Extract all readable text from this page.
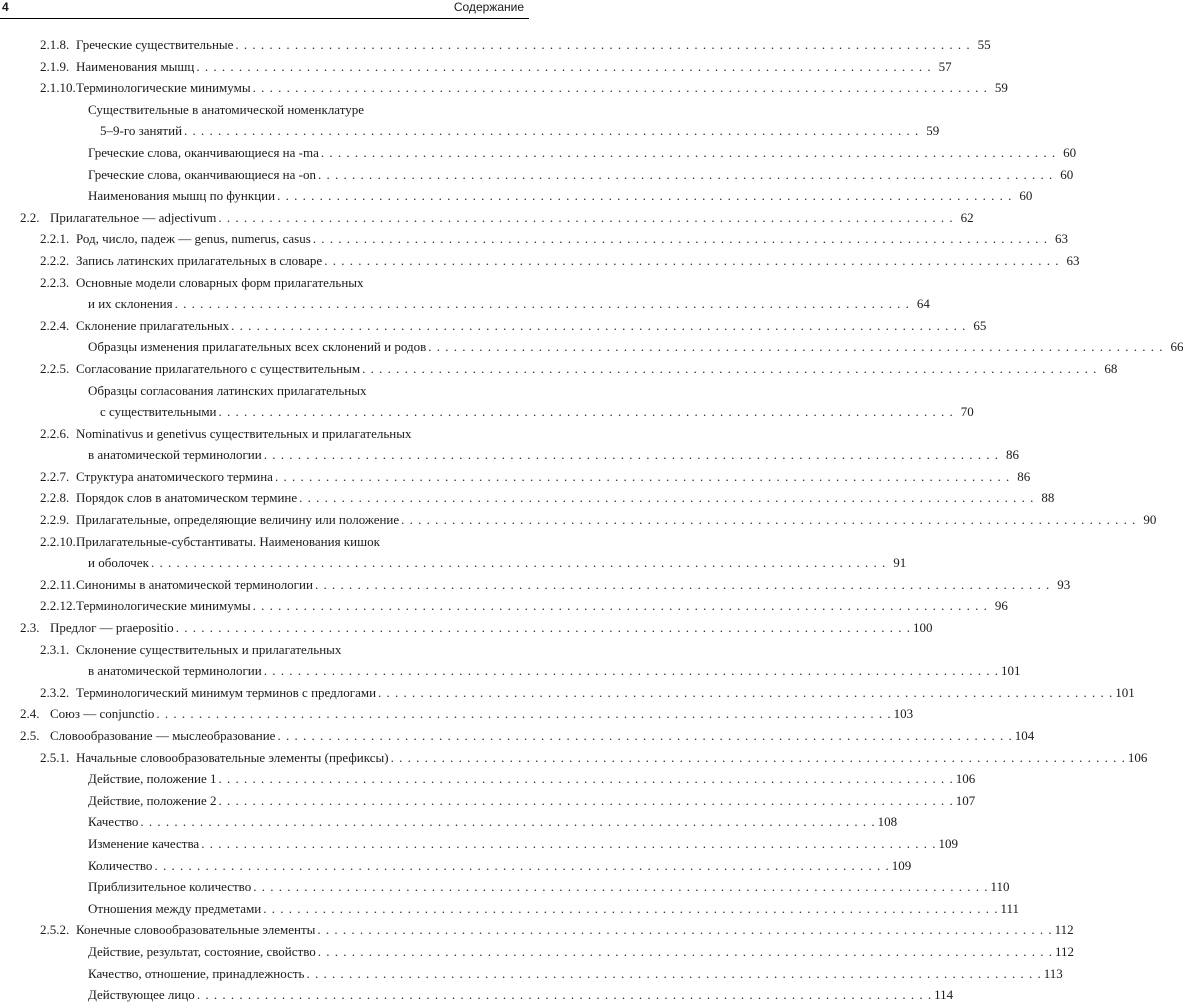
4	Содержание
2.1.8. Греческие существительные . . . . . . . . . . . . . . . . . . . . . . . . . . . . . . . . . . . . . . . . . . . . . . . . . . . . . . . . . . . . . . . . . . . . . . . . . . . . . . . . . . . . . . . 55
2.1.9. Наименования мышц . . . . . . . . . . . . . . . . . . . . . . . . . . . . . . . . . . . . . . . . . . . . . . . . . . . . . . . . . . . . . . . . . . . . . . . . . . . . . . . . . . . . . . . 57
2.1.10. Терминологические минимумы . . . . . . . . . . . . . . . . . . . . . . . . . . . . . . . . . . . . . . . . . . . . . . . . . . . . . . . . . . . . . . . . . . . . . . . . . . . . . . . . . . . . . . . 59
Существительные в анатомической номенклатуре
5–9-го занятий . . . . . . . . . . . . . . . . . . . . . . . . . . . . . . . . . . . . . . . . . . . . . . . . . . . . . . . . . . . . . . . . . . . . . . . . . . . . . . . . . . . . . . . 59
Греческие слова, оканчивающиеся на -ma . . . . . . . . . . . . . . . . . . . . . . . . . . . . . . . . . . . . . . . . . . . . . . . . . . . . . . . . . . . . . . . . . . . . . . . . . . . . . . . . . . . . . . . 60
Греческие слова, оканчивающиеся на -on . . . . . . . . . . . . . . . . . . . . . . . . . . . . . . . . . . . . . . . . . . . . . . . . . . . . . . . . . . . . . . . . . . . . . . . . . . . . . . . . . . . . . . . 60
Наименования мышц по функции . . . . . . . . . . . . . . . . . . . . . . . . . . . . . . . . . . . . . . . . . . . . . . . . . . . . . . . . . . . . . . . . . . . . . . . . . . . . . . . . . . . . . . . 60
2.2. Прилагательное — adjectivum . . . . . . . . . . . . . . . . . . . . . . . . . . . . . . . . . . . . . . . . . . . . . . . . . . . . . . . . . . . . . . . . . . . . . . . . . . . . . . . . . . . . . . . 62
2.2.1. Род, число, падеж — genus, numerus, casus . . . . . . . . . . . . . . . . . . . . . . . . . . . . . . . . . . . . . . . . . . . . . . . . . . . . . . . . . . . . . . . . . . . . . . . . . . . . . . . . . . . . . . . 63
2.2.2. Запись латинских прилагательных в словаре . . . . . . . . . . . . . . . . . . . . . . . . . . . . . . . . . . . . . . . . . . . . . . . . . . . . . . . . . . . . . . . . . . . . . . . . . . . . . . . . . . . . . . . 63
2.2.3. Основные модели словарных форм прилагательных
и их склонения . . . . . . . . . . . . . . . . . . . . . . . . . . . . . . . . . . . . . . . . . . . . . . . . . . . . . . . . . . . . . . . . . . . . . . . . . . . . . . . . . . . . . . . 64
2.2.4. Склонение прилагательных . . . . . . . . . . . . . . . . . . . . . . . . . . . . . . . . . . . . . . . . . . . . . . . . . . . . . . . . . . . . . . . . . . . . . . . . . . . . . . . . . . . . . . . 65
Образцы изменения прилагательных всех склонений и родов . . . . . . . . . . . . . . . . . . . . . . . . . . . . . . . . . . . . . . . . . . . . . . . . . . . . . . . . . . . . . . . . . . . . . . . . . . . . . . . . . . . . . . . 66
2.2.5. Согласование прилагательного с существительным . . . . . . . . . . . . . . . . . . . . . . . . . . . . . . . . . . . . . . . . . . . . . . . . . . . . . . . . . . . . . . . . . . . . . . . . . . . . . . . . . . . . . . . 68
Образцы согласования латинских прилагательных
с существительными . . . . . . . . . . . . . . . . . . . . . . . . . . . . . . . . . . . . . . . . . . . . . . . . . . . . . . . . . . . . . . . . . . . . . . . . . . . . . . . . . . . . . . . 70
2.2.6. Nominativus и genetivus существительных и прилагательных
в анатомической терминологии . . . . . . . . . . . . . . . . . . . . . . . . . . . . . . . . . . . . . . . . . . . . . . . . . . . . . . . . . . . . . . . . . . . . . . . . . . . . . . . . . . . . . . . 86
2.2.7. Структура анатомического термина . . . . . . . . . . . . . . . . . . . . . . . . . . . . . . . . . . . . . . . . . . . . . . . . . . . . . . . . . . . . . . . . . . . . . . . . . . . . . . . . . . . . . . . 86
2.2.8. Порядок слов в анатомическом термине . . . . . . . . . . . . . . . . . . . . . . . . . . . . . . . . . . . . . . . . . . . . . . . . . . . . . . . . . . . . . . . . . . . . . . . . . . . . . . . . . . . . . . . 88
2.2.9. Прилагательные, определяющие величину или положение . . . . . . . . . . . . . . . . . . . . . . . . . . . . . . . . . . . . . . . . . . . . . . . . . . . . . . . . . . . . . . . . . . . . . . . . . . . . . . . . . . . . . . . 90
2.2.10. Прилагательные-субстантиваты. Наименования кишок
и оболочек . . . . . . . . . . . . . . . . . . . . . . . . . . . . . . . . . . . . . . . . . . . . . . . . . . . . . . . . . . . . . . . . . . . . . . . . . . . . . . . . . . . . . . . 91
2.2.11. Синонимы в анатомической терминологии . . . . . . . . . . . . . . . . . . . . . . . . . . . . . . . . . . . . . . . . . . . . . . . . . . . . . . . . . . . . . . . . . . . . . . . . . . . . . . . . . . . . . . . 93
2.2.12. Терминологические минимумы . . . . . . . . . . . . . . . . . . . . . . . . . . . . . . . . . . . . . . . . . . . . . . . . . . . . . . . . . . . . . . . . . . . . . . . . . . . . . . . . . . . . . . . 96
2.3. Предлог — praepositio . . . . . . . . . . . . . . . . . . . . . . . . . . . . . . . . . . . . . . . . . . . . . . . . . . . . . . . . . . . . . . . . . . . . . . . . . . . . . . . . . . . . . . . 100
2.3.1. Склонение существительных и прилагательных
в анатомической терминологии . . . . . . . . . . . . . . . . . . . . . . . . . . . . . . . . . . . . . . . . . . . . . . . . . . . . . . . . . . . . . . . . . . . . . . . . . . . . . . . . . . . . . . . 101
2.3.2. Терминологический минимум терминов с предлогами . . . . . . . . . . . . . . . . . . . . . . . . . . . . . . . . . . . . . . . . . . . . . . . . . . . . . . . . . . . . . . . . . . . . . . . . . . . . . . . . . . . . . . . 101
2.4. Союз — conjunctio . . . . . . . . . . . . . . . . . . . . . . . . . . . . . . . . . . . . . . . . . . . . . . . . . . . . . . . . . . . . . . . . . . . . . . . . . . . . . . . . . . . . . . . 103
2.5. Словообразование — мыслеобразование . . . . . . . . . . . . . . . . . . . . . . . . . . . . . . . . . . . . . . . . . . . . . . . . . . . . . . . . . . . . . . . . . . . . . . . . . . . . . . . . . . . . . . . 104
2.5.1. Начальные словообразовательные элементы (префиксы) . . . . . . . . . . . . . . . . . . . . . . . . . . . . . . . . . . . . . . . . . . . . . . . . . . . . . . . . . . . . . . . . . . . . . . . . . . . . . . . . . . . . . . . 106
Действие, положение 1 . . . . . . . . . . . . . . . . . . . . . . . . . . . . . . . . . . . . . . . . . . . . . . . . . . . . . . . . . . . . . . . . . . . . . . . . . . . . . . . . . . . . . . . 106
Действие, положение 2 . . . . . . . . . . . . . . . . . . . . . . . . . . . . . . . . . . . . . . . . . . . . . . . . . . . . . . . . . . . . . . . . . . . . . . . . . . . . . . . . . . . . . . . 107
Качество . . . . . . . . . . . . . . . . . . . . . . . . . . . . . . . . . . . . . . . . . . . . . . . . . . . . . . . . . . . . . . . . . . . . . . . . . . . . . . . . . . . . . . . 108
Изменение качества . . . . . . . . . . . . . . . . . . . . . . . . . . . . . . . . . . . . . . . . . . . . . . . . . . . . . . . . . . . . . . . . . . . . . . . . . . . . . . . . . . . . . . . 109
Количество . . . . . . . . . . . . . . . . . . . . . . . . . . . . . . . . . . . . . . . . . . . . . . . . . . . . . . . . . . . . . . . . . . . . . . . . . . . . . . . . . . . . . . . 109
Приблизительное количество . . . . . . . . . . . . . . . . . . . . . . . . . . . . . . . . . . . . . . . . . . . . . . . . . . . . . . . . . . . . . . . . . . . . . . . . . . . . . . . . . . . . . . . 110
Отношения между предметами . . . . . . . . . . . . . . . . . . . . . . . . . . . . . . . . . . . . . . . . . . . . . . . . . . . . . . . . . . . . . . . . . . . . . . . . . . . . . . . . . . . . . . . 111
2.5.2. Конечные словообразовательные элементы . . . . . . . . . . . . . . . . . . . . . . . . . . . . . . . . . . . . . . . . . . . . . . . . . . . . . . . . . . . . . . . . . . . . . . . . . . . . . . . . . . . . . . . 112
Действие, результат, состояние, свойство . . . . . . . . . . . . . . . . . . . . . . . . . . . . . . . . . . . . . . . . . . . . . . . . . . . . . . . . . . . . . . . . . . . . . . . . . . . . . . . . . . . . . . . 112
Качество, отношение, принадлежность . . . . . . . . . . . . . . . . . . . . . . . . . . . . . . . . . . . . . . . . . . . . . . . . . . . . . . . . . . . . . . . . . . . . . . . . . . . . . . . . . . . . . . . 113
Действующее лицо . . . . . . . . . . . . . . . . . . . . . . . . . . . . . . . . . . . . . . . . . . . . . . . . . . . . . . . . . . . . . . . . . . . . . . . . . . . . . . . . . . . . . . . 114
